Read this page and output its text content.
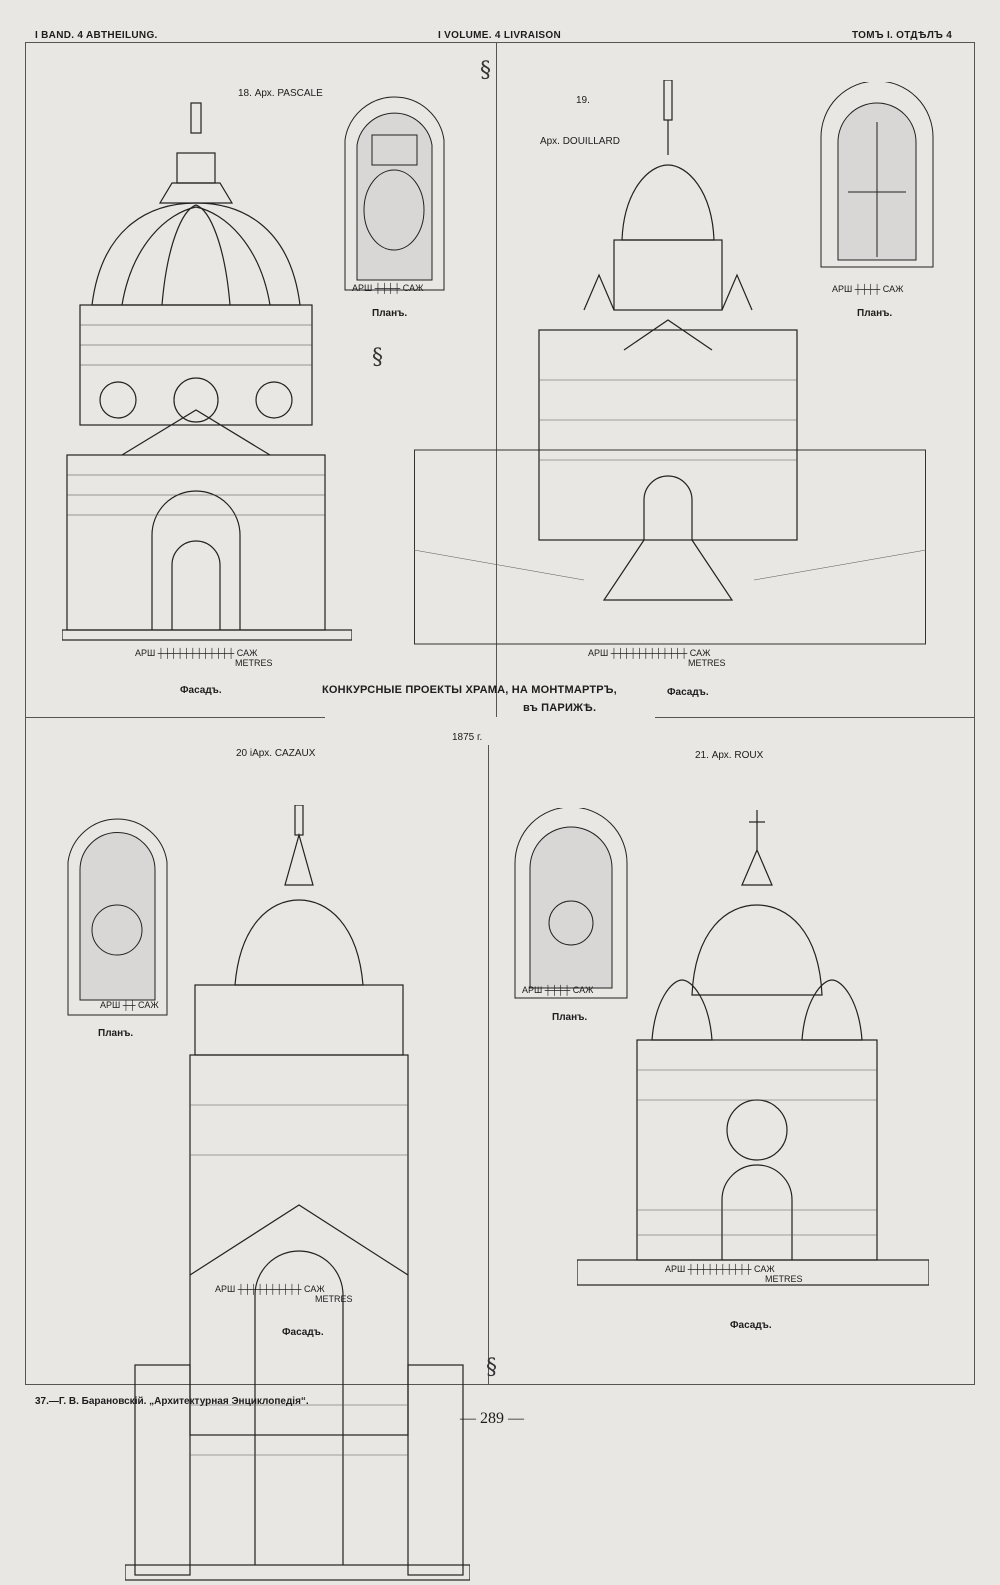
I BAND. 4 ABTHEILUNG.	I VOLUME. 4 LIVRAISON	ТОМЪ I. ОТДѢЛЪ 4
§
§
§
18. Арх. PASCALE
АРШ ┼┼┼┼┼┼┼┼┼┼┼┼ САЖ
METRES
Фасадъ.
АРШ ┼┼┼┼ САЖ
Планъ.
19.
Арх. DOUILLARD
АРШ ┼┼┼┼┼┼┼┼┼┼┼┼ САЖ
METRES
Фасадъ.
АРШ ┼┼┼┼ САЖ
Планъ.
КОНКУРСНЫЕ ПРОЕКТЫ ХРАМА, НА МОНТМАРТРЪ,
въ ПАРИЖѢ.
1875 г.
20 iАрх. CAZAUX
АРШ ┼┼ САЖ
Планъ.
АРШ ┼┼┼┼┼┼┼┼┼┼ САЖ
METRES
Фасадъ.
21. Арх. ROUX
АРШ ┼┼┼┼ САЖ
Планъ.
АРШ ┼┼┼┼┼┼┼┼┼┼ САЖ
METRES
Фасадъ.
37.—Г. В. Барановскій. „Архитектурная Энциклопедія“.
— 289 —
